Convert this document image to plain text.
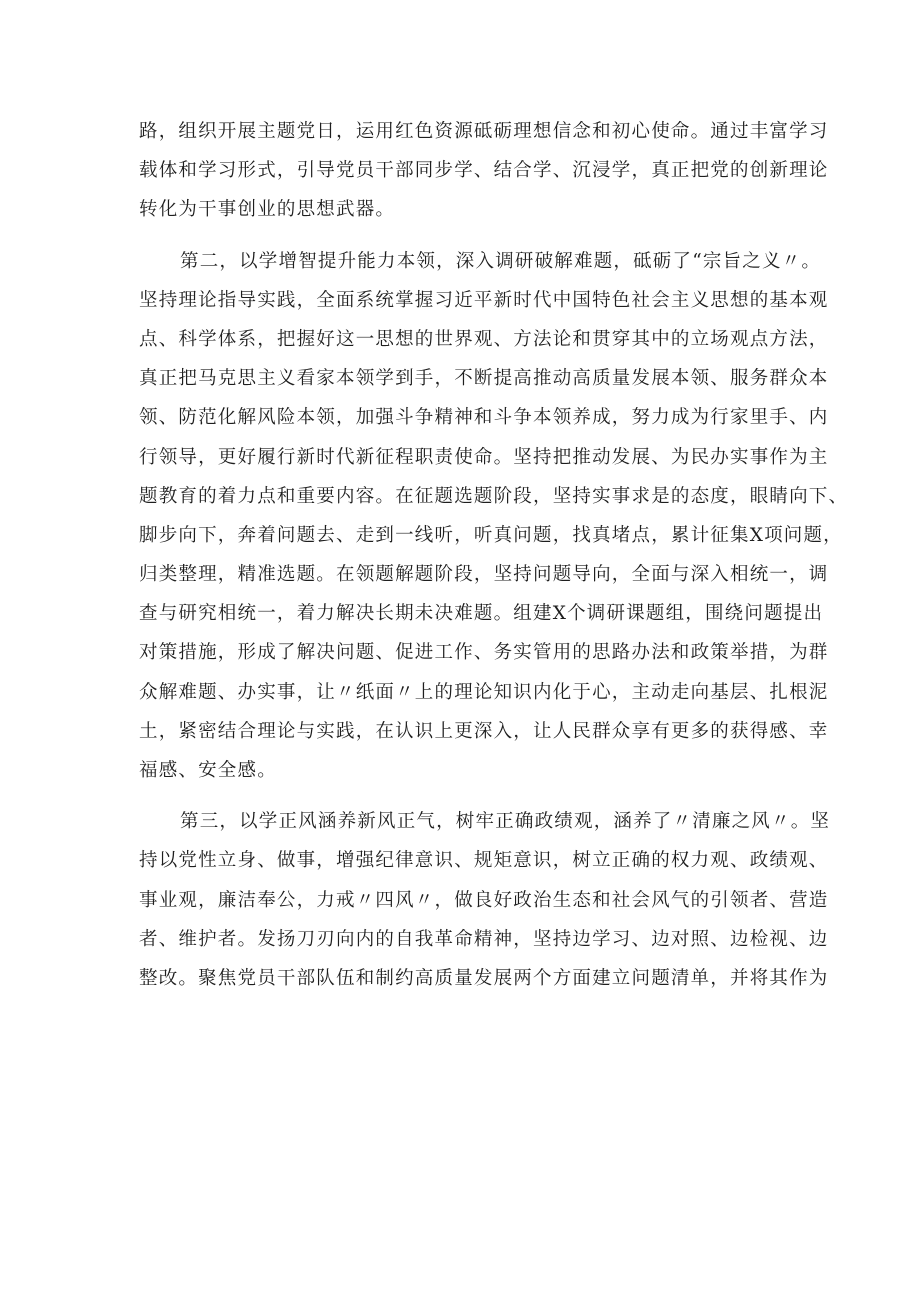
路，组织开展主题党日，运用红色资源砥砺理想信念和初心使命。通过丰富学习
载体和学习形式，引导党员干部同步学、结合学、沉浸学，真正把党的创新理论
转化为干事创业的思想武器。
第二，以学增智提升能力本领，深入调研破解难题，砥砺了“宗旨之义〃。
坚持理论指导实践，全面系统掌握习近平新时代中国特色社会主义思想的基本观
点、科学体系，把握好这一思想的世界观、方法论和贯穿其中的立场观点方法，
真正把马克思主义看家本领学到手，不断提高推动高质量发展本领、服务群众本
领、防范化解风险本领，加强斗争精神和斗争本领养成，努力成为行家里手、内
行领导，更好履行新时代新征程职责使命。坚持把推动发展、为民办实事作为主
题教育的着力点和重要内容。在征题选题阶段，坚持实事求是的态度，眼睛向下、
脚步向下，奔着问题去、走到一线听，听真问题，找真堵点，累计征集X项问题，
归类整理，精准选题。在领题解题阶段，坚持问题导向，全面与深入相统一，调
查与研究相统一，着力解决长期未决难题。组建X个调研课题组，围绕问题提出
对策措施，形成了解决问题、促进工作、务实管用的思路办法和政策举措，为群
众解难题、办实事，让〃纸面〃上的理论知识内化于心，主动走向基层、扎根泥
土，紧密结合理论与实践，在认识上更深入，让人民群众享有更多的获得感、幸
福感、安全感。
第三，以学正风涵养新风正气，树牢正确政绩观，涵养了〃清廉之风〃。坚
持以党性立身、做事，增强纪律意识、规矩意识，树立正确的权力观、政绩观、
事业观，廉洁奉公，力戒〃四风〃，做良好政治生态和社会风气的引领者、营造
者、维护者。发扬刀刃向内的自我革命精神，坚持边学习、边对照、边检视、边
整改。聚焦党员干部队伍和制约高质量发展两个方面建立问题清单，并将其作为
